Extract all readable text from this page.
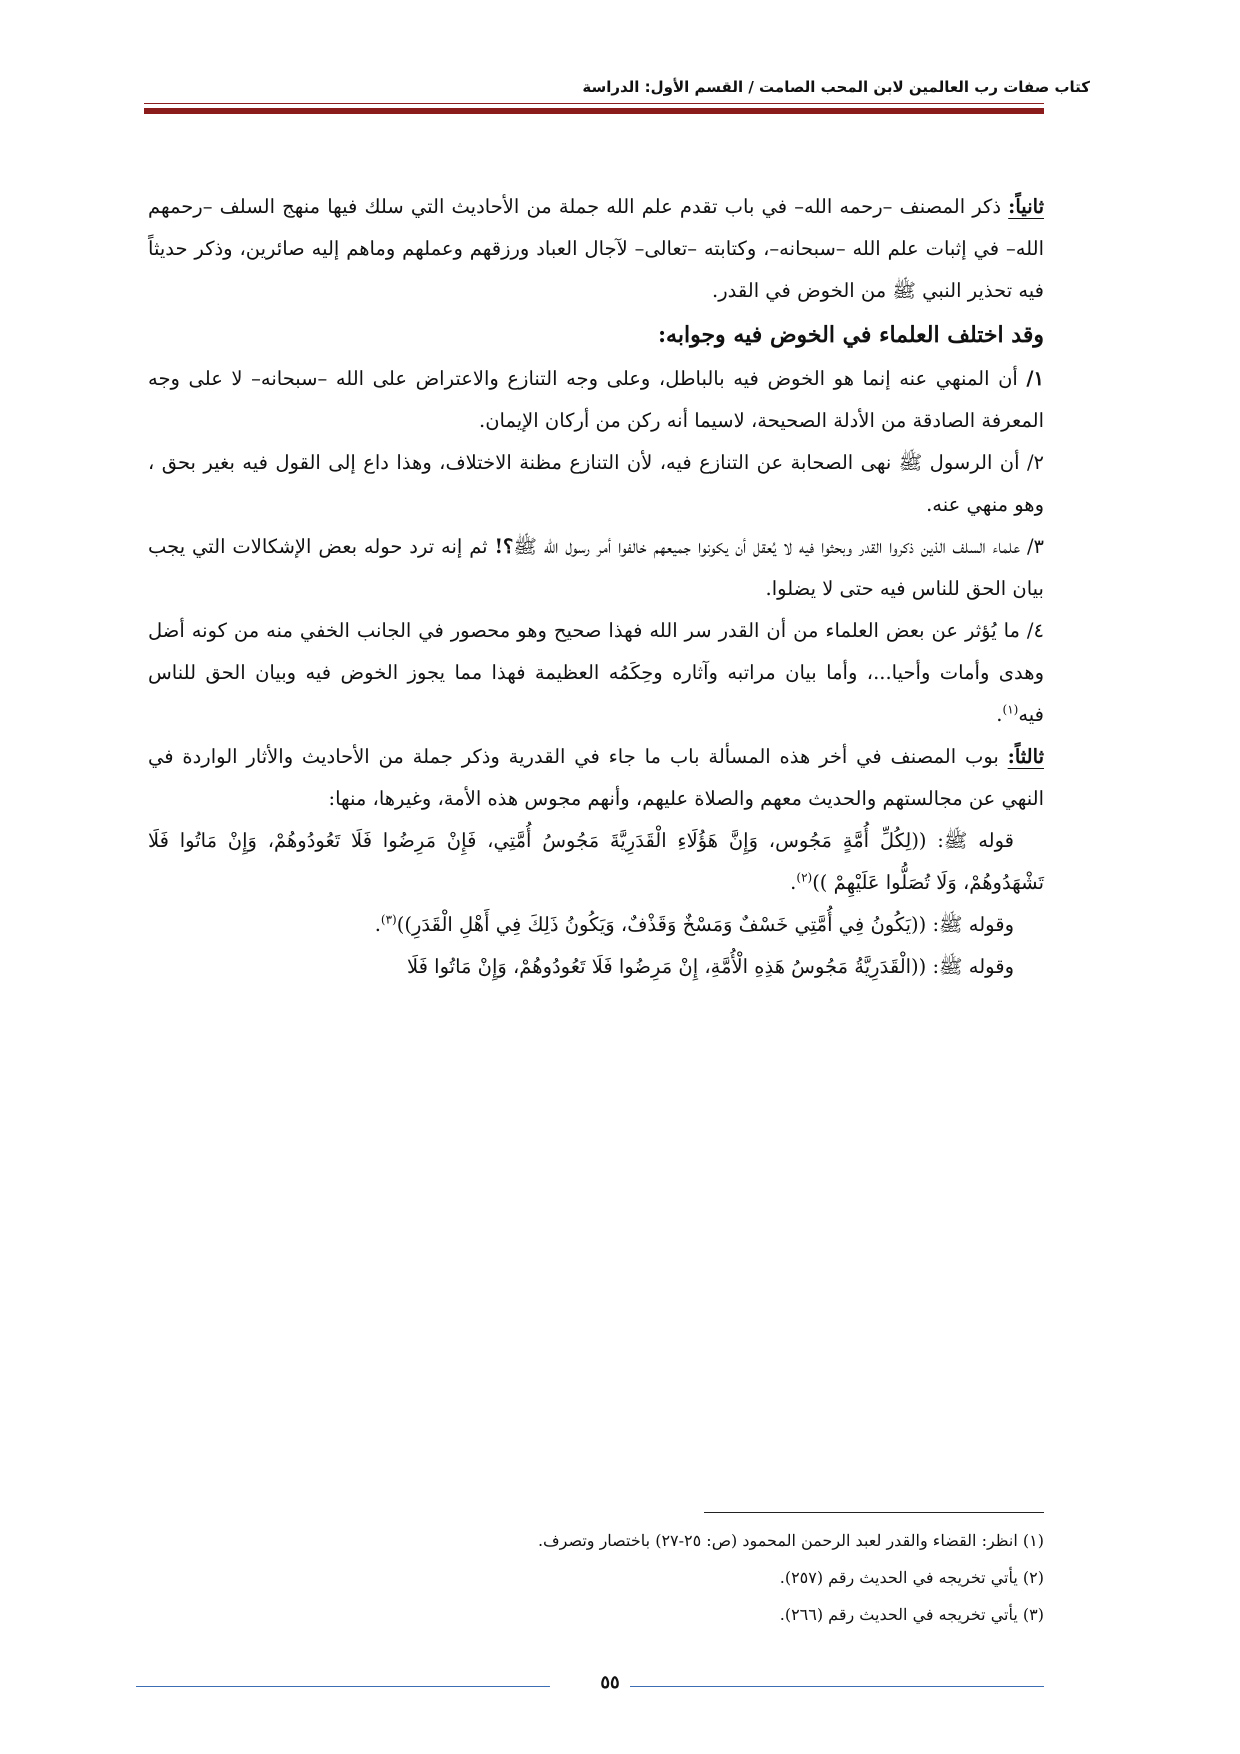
كتاب صفات رب العالمين لابن المحب الصامت / القسم الأول: الدراسة

ثانياً: ذكر المصنف –رحمه الله– في باب تقدم علم الله جملة من الأحاديث التي سلك فيها منهج السلف –رحمهم الله– في إثبات علم الله –سبحانه–، وكتابته –تعالى– لآجال العباد ورزقهم وعملهم وماهم إليه صائرين، وذكر حديثاً فيه تحذير النبي ﷺ من الخوض في القدر.

وقد اختلف العلماء في الخوض فيه وجوابه:

١/ أن المنهي عنه إنما هو الخوض فيه بالباطل، وعلى وجه التنازع والاعتراض على الله –سبحانه– لا على وجه المعرفة الصادقة من الأدلة الصحيحة، لاسيما أنه ركن من أركان الإيمان.

٢/ أن الرسول ﷺ نهى الصحابة عن التنازع فيه، لأن التنازع مظنة الاختلاف، وهذا داع إلى القول فيه بغير بحق ، وهو منهي عنه.

٣/ علماء السلف الذين ذكروا القدر وبحثوا فيه لا يُعقل أن يكونوا جميعهم خالفوا أمر رسول الله ﷺ؟! ثم إنه ترد حوله بعض الإشكالات التي يجب بيان الحق للناس فيه حتى لا يضلوا.

٤/ ما يُؤثر عن بعض العلماء من أن القدر سر الله فهذا صحيح وهو محصور في الجانب الخفي منه من كونه أضل وهدى وأمات وأحيا...، وأما بيان مراتبه وآثاره وحِكَمُه العظيمة فهذا مما يجوز الخوض فيه وبيان الحق للناس فيه$^{(١)}$.

ثالثاً: بوب المصنف في أخر هذه المسألة باب ما جاء في القدرية وذكر جملة من الأحاديث والأثار الواردة في النهي عن مجالستهم والحديث معهم والصلاة عليهم، وأنهم مجوس هذه الأمة، وغيرها، منها:

قوله ﷺ: ((لِكُلِّ أُمَّةٍ مَجُوس، وَإِنَّ هَؤُلَاءِ الْقَدَرِيَّةَ مَجُوسُ أُمَّتِي، فَإِنْ مَرِضُوا فَلَا تَعُودُوهُمْ، وَإِنْ مَاتُوا فَلَا تَشْهَدُوهُمْ، وَلَا تُصَلُّوا عَلَيْهِمْ ))$^{(٢)}$.

وقوله ﷺ: ((يَكُونُ فِي أُمَّتِي خَسْفٌ وَمَسْخٌ وَقَذْفٌ، وَيَكُونُ ذَلِكَ فِي أَهْلِ الْقَدَرِ))$^{(٣)}$.

وقوله ﷺ: ((الْقَدَرِيَّةُ مَجُوسُ هَذِهِ الْأُمَّةِ، إِنْ مَرِضُوا فَلَا تَعُودُوهُمْ، وَإِنْ مَاتُوا فَلَا

(١) انظر: القضاء والقدر لعبد الرحمن المحمود (ص: ٢٥-٢٧) باختصار وتصرف.

(٢) يأتي تخريجه في الحديث رقم (٢٥٧).

(٣) يأتي تخريجه في الحديث رقم (٢٦٦).

٥٥
